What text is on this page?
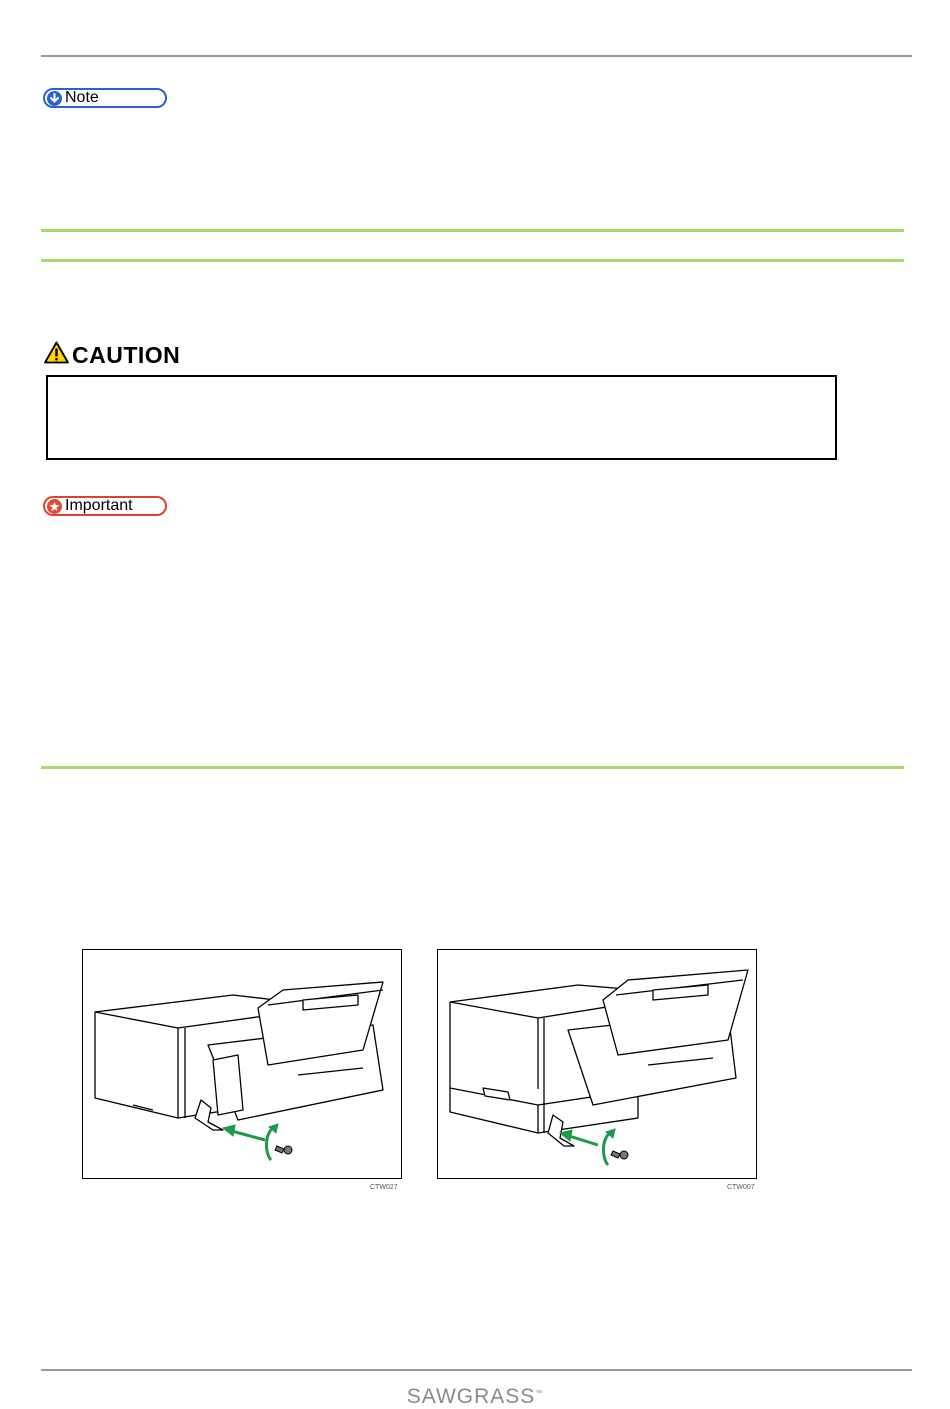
Note
CAUTION
Important
CTW027	CTW007
SAWGRASS™
